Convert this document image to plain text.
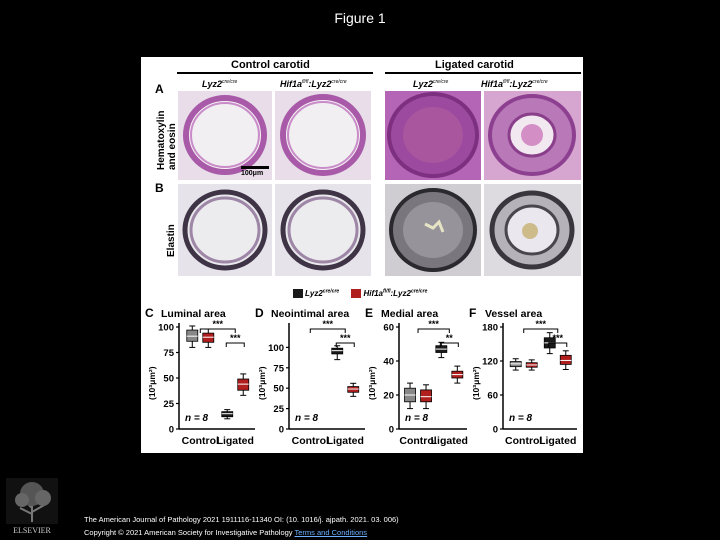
Figure 1
Control carotid	Ligated carotid
$Lyz2^{cre/cre}$	$Hif1a^{fl/fl}:Lyz2^{cre/cre}$	$Lyz2^{cre/cre}$	$Hif1a^{fl/fl}:Lyz2^{cre/cre}$
A
Hematoxylin
and eosin
B
Elastin
100μm
$Lyz2^{cre/cre}$	$Hif1a^{fl/fl}:Lyz2^{cre/cre}$
C Luminal area
(10³μm²)
0
25
50
75
100
Control
Ligated
n = 8
***
***
D Neointimal area
(10³μm²)
0
25
50
75
100
Control
Ligated
n = 8
***
***
E Medial area
(10³μm²)
0
20
40
60
Control
Ligated
n = 8
***
**
F Vessel area
(10³μm²)
0
60
120
180
Control
Ligated
n = 8
***
***
The American Journal of Pathology 2021 1911116-11340 OI: (10. 1016/j. ajpath. 2021. 03. 006)
Copyright © 2021 American Society for Investigative Pathology Terms and Conditions
ELSEVIER
